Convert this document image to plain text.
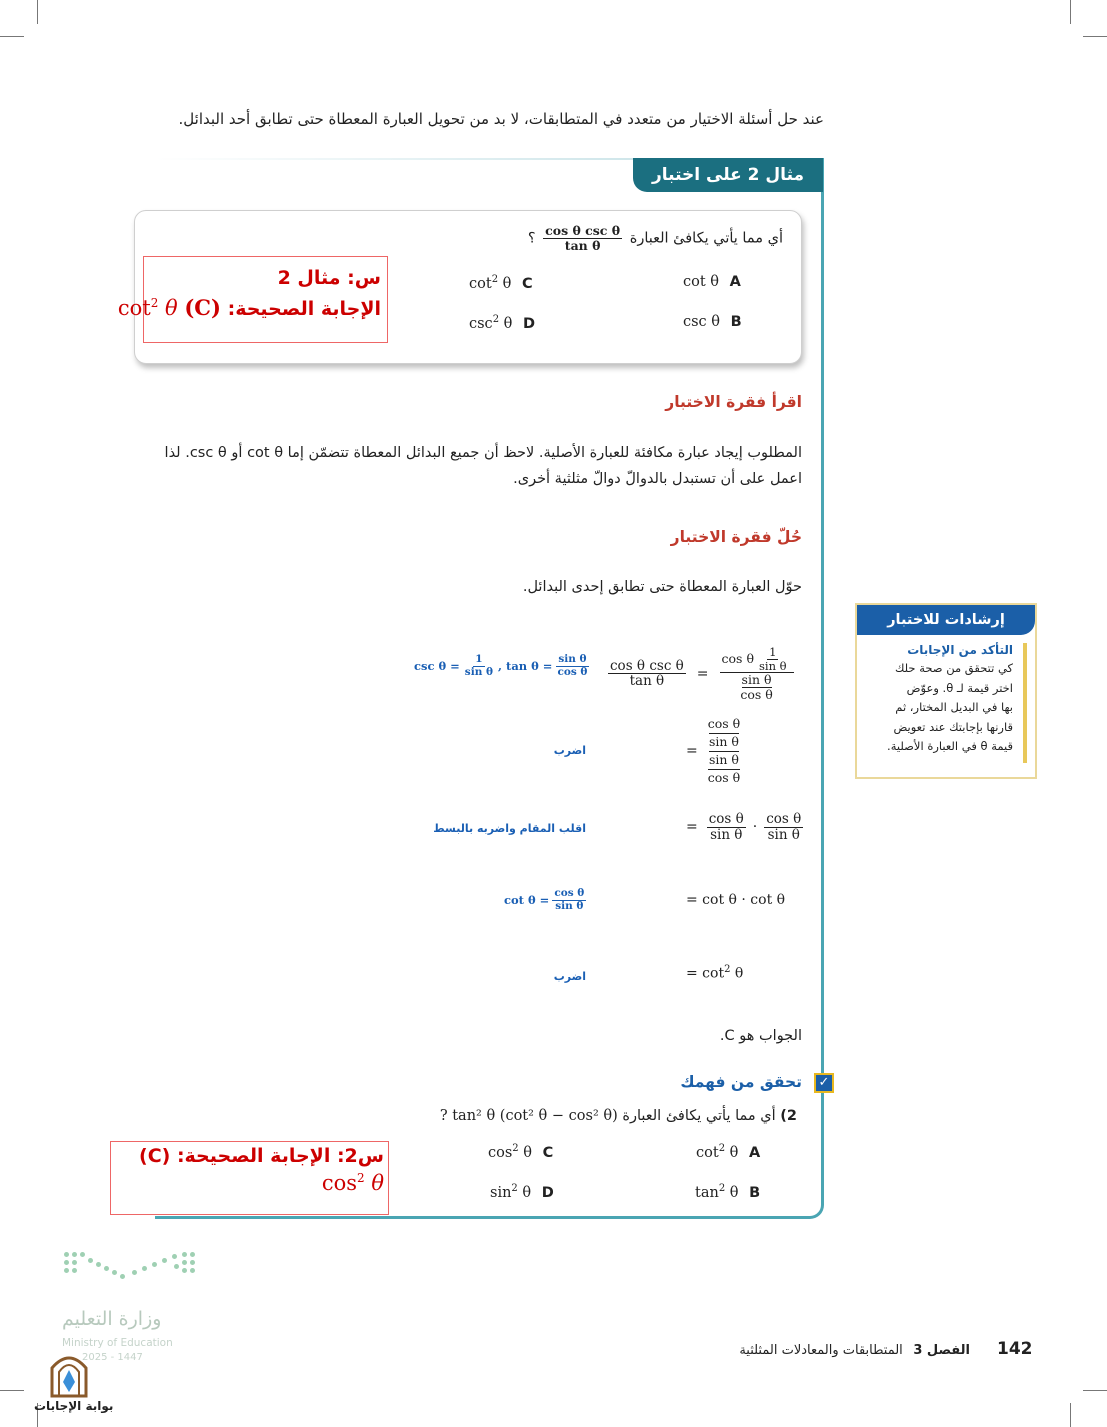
عند حل أسئلة الاختيار من متعدد في المتطابقات، لا بد من تحويل العبارة المعطاة حتى تطابق أحد البدائل.
مثال 2 على اختبار
أي مما يأتي يكافئ العبارة
$\frac{\text{cos θ csc θ}}{\text{tan θ}}$
؟
cot θ A
csc θ B
$\cot^2 \theta$ C
$\csc^2 \theta$ D
س: مثال 2
الإجابة الصحيحة: $\cot^2 \theta$ (C)
اقرأ فقرة الاختبار
المطلوب إيجاد عبارة مكافئة للعبارة الأصلية. لاحظ أن جميع البدائل المعطاة تتضمّن إما cot θ أو csc θ. لذا
اعمل على أن تستبدل بالدوالّ دوالّ مثلثية أخرى.
حُلّ فقرة الاختبار
حوّل العبارة المعطاة حتى تطابق إحدى البدائل.
$\frac{\text{cos θ csc θ}}{\text{tan θ}} = \cos \theta \frac{1}{\text{sin θ}}$
sin θ
cos θ
$\csc \theta = \frac{1}{\text{sin θ}}$ , $\tan \theta = \frac{\text{sin θ}}{\text{cos θ}}$
=
cos θ
sin θ
sin θ
cos θ
اضرب
= $\frac{\text{cos θ}}{\text{sin θ}} \cdot \frac{\text{cos θ}}{\text{sin θ}}$
اقلب المقام واضربه بالبسط
= cot θ · cot θ
$\cot \theta = \frac{\text{cos θ}}{\text{sin θ}}$
= $\cot^2 \theta$
اضرب
الجواب هو C.
تحقق من فهمك	✓
2) أي مما يأتي يكافئ العبارة ? tan² θ (cot² θ − cos² θ)
$\cot^2 \theta$ A
$\tan^2 \theta$ B
$\cos^2 \theta$ C
$\sin^2 \theta$ D
س2: الإجابة الصحيحة: (C)
$\cos^2 \theta$
إرشادات للاختبار
التأكد من الإجابات
كي تتحقق من صحة حلك
اختر قيمة لـ θ. وعوّض
بها في البديل المختار، ثم
قارنها بإجابتك عند تعويض
قيمة θ في العبارة الأصلية.
142
الفصل 3 المتطابقات والمعادلات المثلثية
وزارة التعليم
Ministry of Education
2025 - 1447
بوابة الإجابات
